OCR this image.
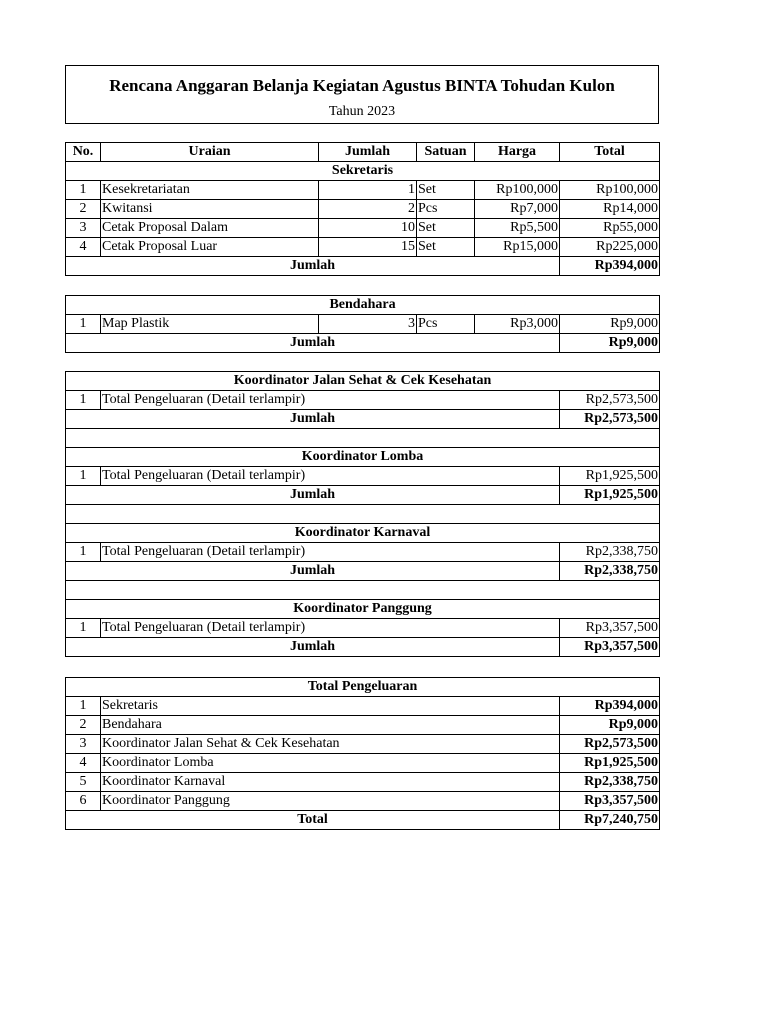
Rencana Anggaran Belanja Kegiatan Agustus BINTA Tohudan Kulon
Tahun 2023
No.	Uraian	Jumlah	Satuan	Harga	Total
Sekretaris					
1	Kesekretariatan	1	Set	Rp100,000	Rp100,000
2	Kwitansi	2	Pcs	Rp7,000	Rp14,000
3	Cetak Proposal Dalam	10	Set	Rp5,500	Rp55,000
4	Cetak Proposal Luar	15	Set	Rp15,000	Rp225,000
Jumlah					Rp394,000
Bendahara					
1	Map Plastik	3	Pcs	Rp3,000	Rp9,000
Jumlah					Rp9,000
Koordinator Jalan Sehat & Cek Kesehatan		
1	Total Pengeluaran (Detail terlampir)	Rp2,573,500
Jumlah		Rp2,573,500

Koordinator Lomba		
1	Total Pengeluaran (Detail terlampir)	Rp1,925,500
Jumlah		Rp1,925,500

Koordinator Karnaval		
1	Total Pengeluaran (Detail terlampir)	Rp2,338,750
Jumlah		Rp2,338,750

Koordinator Panggung		
1	Total Pengeluaran (Detail terlampir)	Rp3,357,500
Jumlah		Rp3,357,500
Total Pengeluaran		
1	Sekretaris	Rp394,000
2	Bendahara	Rp9,000
3	Koordinator Jalan Sehat & Cek Kesehatan	Rp2,573,500
4	Koordinator Lomba	Rp1,925,500
5	Koordinator Karnaval	Rp2,338,750
6	Koordinator Panggung	Rp3,357,500
Total		Rp7,240,750
